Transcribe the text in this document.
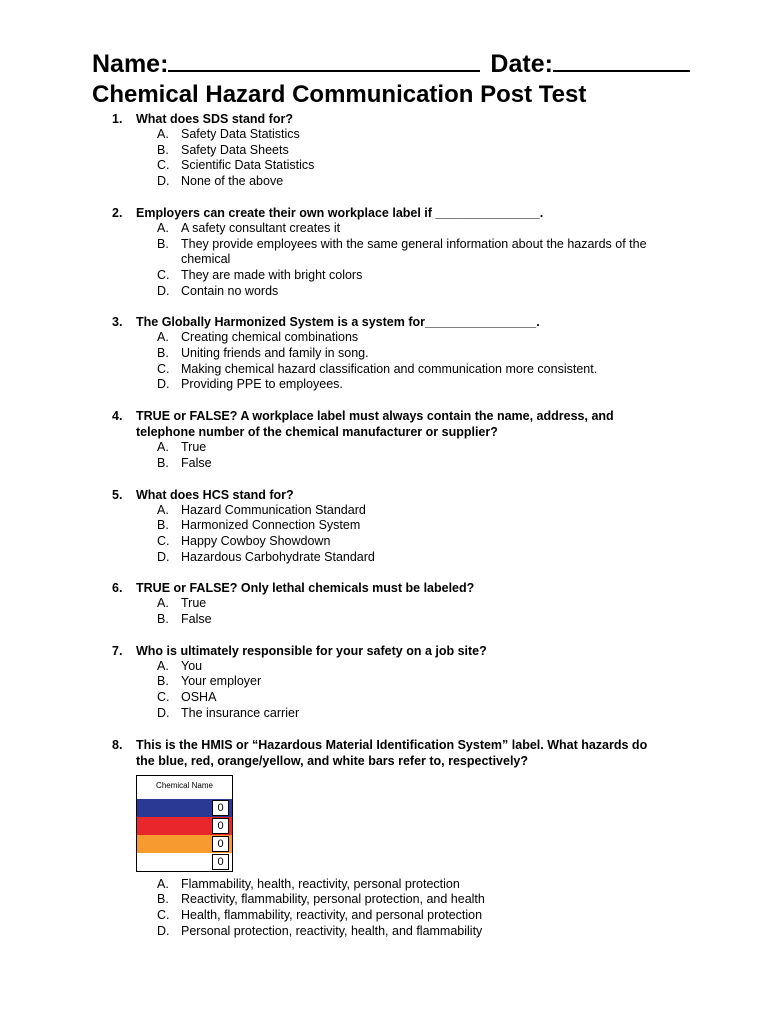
Name:	Date:
Chemical Hazard Communication Post Test
1. What does SDS stand for?
A. Safety Data Statistics
B. Safety Data Sheets
C. Scientific Data Statistics
D. None of the above
2. Employers can create their own workplace label if _______________.
A. A safety consultant creates it
B. They provide employees with the same general information about the hazards of the chemical
C. They are made with bright colors
D. Contain no words
3. The Globally Harmonized System is a system for________________.
A. Creating chemical combinations
B. Uniting friends and family in song.
C. Making chemical hazard classification and communication more consistent.
D. Providing PPE to employees.
4. TRUE or FALSE? A workplace label must always contain the name, address, and telephone number of the chemical manufacturer or supplier?
A. True
B. False
5. What does HCS stand for?
A. Hazard Communication Standard
B. Harmonized Connection System
C. Happy Cowboy Showdown
D. Hazardous Carbohydrate Standard
6. TRUE or FALSE? Only lethal chemicals must be labeled?
A. True
B. False
7. Who is ultimately responsible for your safety on a job site?
A. You
B. Your employer
C. OSHA
D. The insurance carrier
8. This is the HMIS or “Hazardous Material Identification System” label. What hazards do the blue, red, orange/yellow, and white bars refer to, respectively?
Chemical Name
0
0
0
0
A. Flammability, health, reactivity, personal protection
B. Reactivity, flammability, personal protection, and health
C. Health, flammability, reactivity, and personal protection
D. Personal protection, reactivity, health, and flammability
